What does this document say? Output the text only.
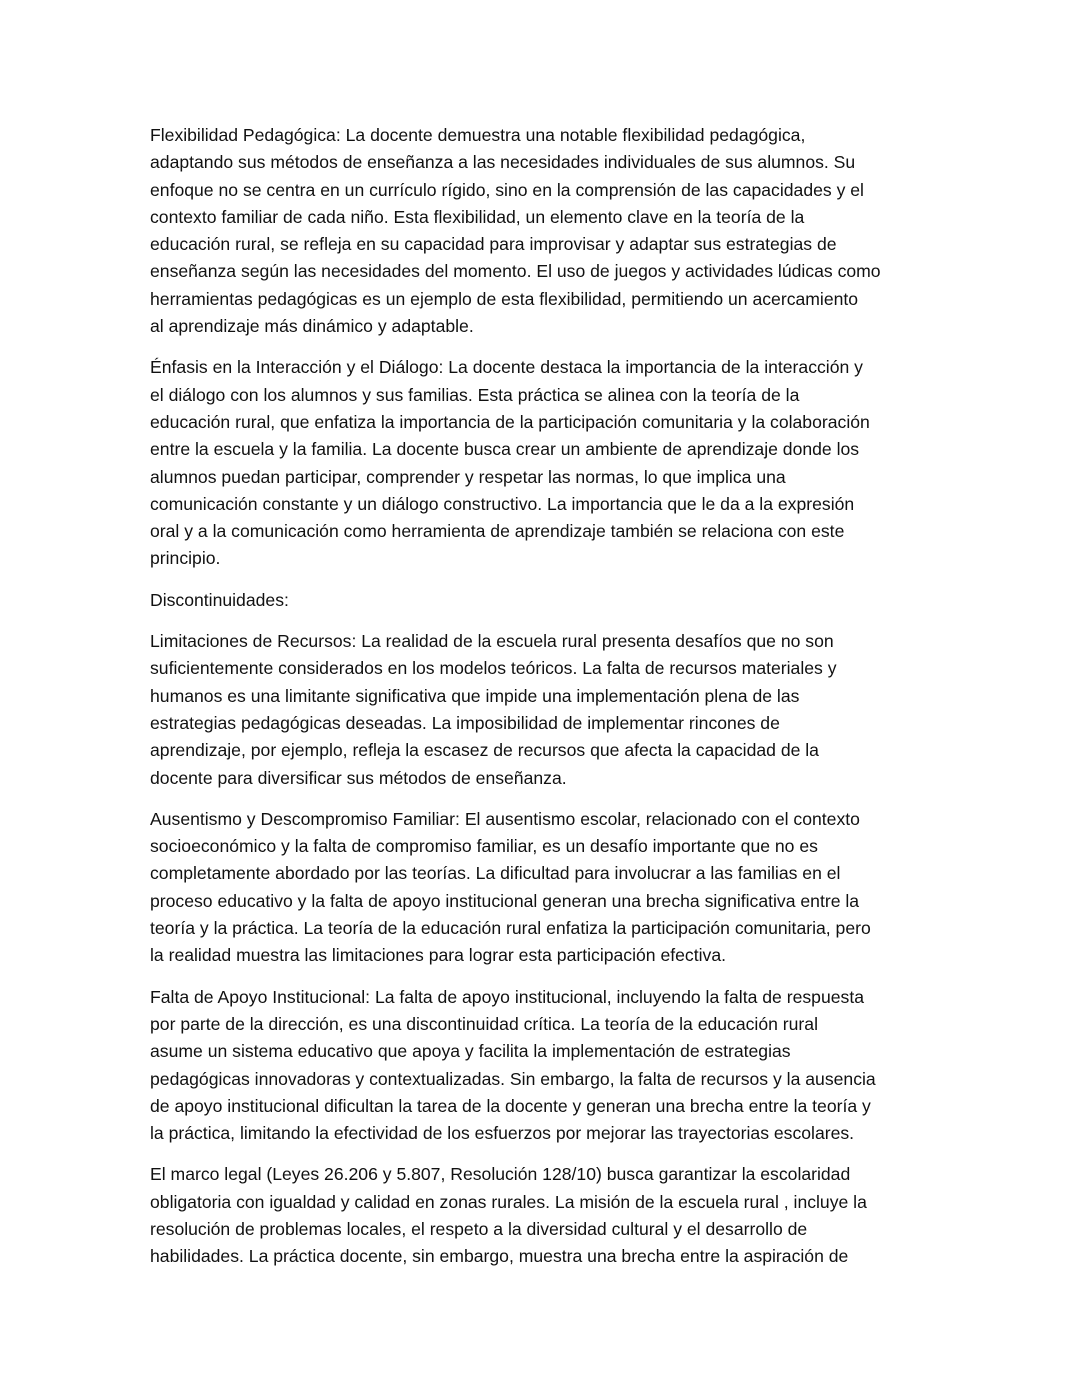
Flexibilidad Pedagógica: La docente demuestra una notable flexibilidad pedagógica,
adaptando sus métodos de enseñanza a las necesidades individuales de sus alumnos. Su
enfoque no se centra en un currículo rígido, sino en la comprensión de las capacidades y el
contexto familiar de cada niño. Esta flexibilidad, un elemento clave en la teoría de la
educación rural, se refleja en su capacidad para improvisar y adaptar sus estrategias de
enseñanza según las necesidades del momento. El uso de juegos y actividades lúdicas como
herramientas pedagógicas es un ejemplo de esta flexibilidad, permitiendo un acercamiento
al aprendizaje más dinámico y adaptable.

Énfasis en la Interacción y el Diálogo: La docente destaca la importancia de la interacción y
el diálogo con los alumnos y sus familias. Esta práctica se alinea con la teoría de la
educación rural, que enfatiza la importancia de la participación comunitaria y la colaboración
entre la escuela y la familia. La docente busca crear un ambiente de aprendizaje donde los
alumnos puedan participar, comprender y respetar las normas, lo que implica una
comunicación constante y un diálogo constructivo. La importancia que le da a la expresión
oral y a la comunicación como herramienta de aprendizaje también se relaciona con este
principio.

Discontinuidades:

Limitaciones de Recursos: La realidad de la escuela rural presenta desafíos que no son
suficientemente considerados en los modelos teóricos. La falta de recursos materiales y
humanos es una limitante significativa que impide una implementación plena de las
estrategias pedagógicas deseadas. La imposibilidad de implementar rincones de
aprendizaje, por ejemplo, refleja la escasez de recursos que afecta la capacidad de la
docente para diversificar sus métodos de enseñanza.

Ausentismo y Descompromiso Familiar: El ausentismo escolar, relacionado con el contexto
socioeconómico y la falta de compromiso familiar, es un desafío importante que no es
completamente abordado por las teorías. La dificultad para involucrar a las familias en el
proceso educativo y la falta de apoyo institucional generan una brecha significativa entre la
teoría y la práctica. La teoría de la educación rural enfatiza la participación comunitaria, pero
la realidad muestra las limitaciones para lograr esta participación efectiva.

Falta de Apoyo Institucional: La falta de apoyo institucional, incluyendo la falta de respuesta
por parte de la dirección, es una discontinuidad crítica. La teoría de la educación rural
asume un sistema educativo que apoya y facilita la implementación de estrategias
pedagógicas innovadoras y contextualizadas. Sin embargo, la falta de recursos y la ausencia
de apoyo institucional dificultan la tarea de la docente y generan una brecha entre la teoría y
la práctica, limitando la efectividad de los esfuerzos por mejorar las trayectorias escolares.

El marco legal (Leyes 26.206 y 5.807, Resolución 128/10) busca garantizar la escolaridad
obligatoria con igualdad y calidad en zonas rurales. La misión de la escuela rural , incluye la
resolución de problemas locales, el respeto a la diversidad cultural y el desarrollo de
habilidades. La práctica docente, sin embargo, muestra una brecha entre la aspiración de
